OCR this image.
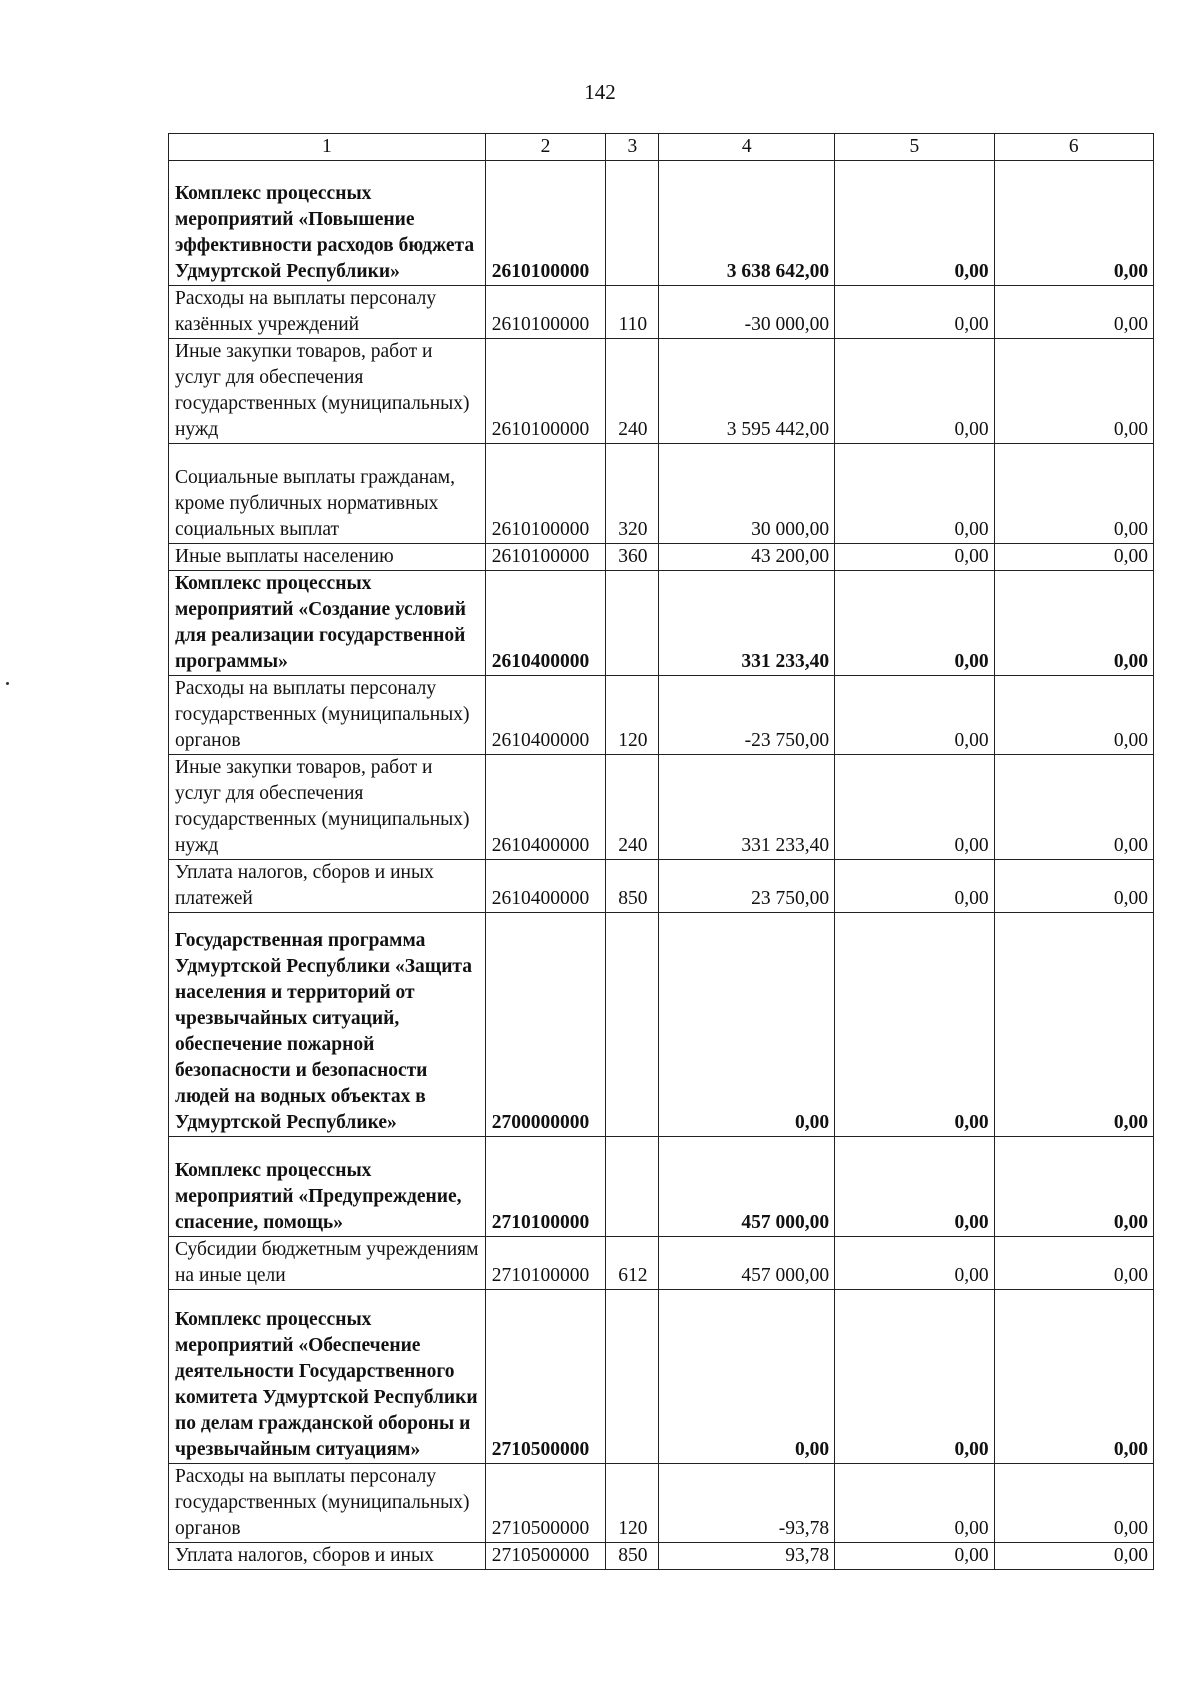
142
1	2	3	4	5	6
Комплекс процессных мероприятий «Повышение эффективности расходов бюджета Удмуртской Республики»	2610100000		3 638 642,00	0,00	0,00
Расходы на выплаты персоналу казённых учреждений	2610100000	110	-30 000,00	0,00	0,00
Иные закупки товаров, работ и услуг для обеспечения государственных (муниципальных) нужд	2610100000	240	3 595 442,00	0,00	0,00
Социальные выплаты гражданам, кроме публичных нормативных социальных выплат	2610100000	320	30 000,00	0,00	0,00
Иные выплаты населению	2610100000	360	43 200,00	0,00	0,00
Комплекс процессных мероприятий «Создание условий для реализации государственной программы»	2610400000		331 233,40	0,00	0,00
Расходы на выплаты персоналу государственных (муниципальных) органов	2610400000	120	-23 750,00	0,00	0,00
Иные закупки товаров, работ и услуг для обеспечения государственных (муниципальных) нужд	2610400000	240	331 233,40	0,00	0,00
Уплата налогов, сборов и иных платежей	2610400000	850	23 750,00	0,00	0,00
Государственная программа Удмуртской Республики «Защита населения и территорий от чрезвычайных ситуаций, обеспечение пожарной безопасности и безопасности людей на водных объектах в Удмуртской Республике»	2700000000		0,00	0,00	0,00
Комплекс процессных мероприятий «Предупреждение, спасение, помощь»	2710100000		457 000,00	0,00	0,00
Субсидии бюджетным учреждениям на иные цели	2710100000	612	457 000,00	0,00	0,00
Комплекс процессных мероприятий «Обеспечение деятельности Государственного комитета Удмуртской Республики по делам гражданской обороны и чрезвычайным ситуациям»	2710500000		0,00	0,00	0,00
Расходы на выплаты персоналу государственных (муниципальных) органов	2710500000	120	-93,78	0,00	0,00
Уплата налогов, сборов и иных	2710500000	850	93,78	0,00	0,00
